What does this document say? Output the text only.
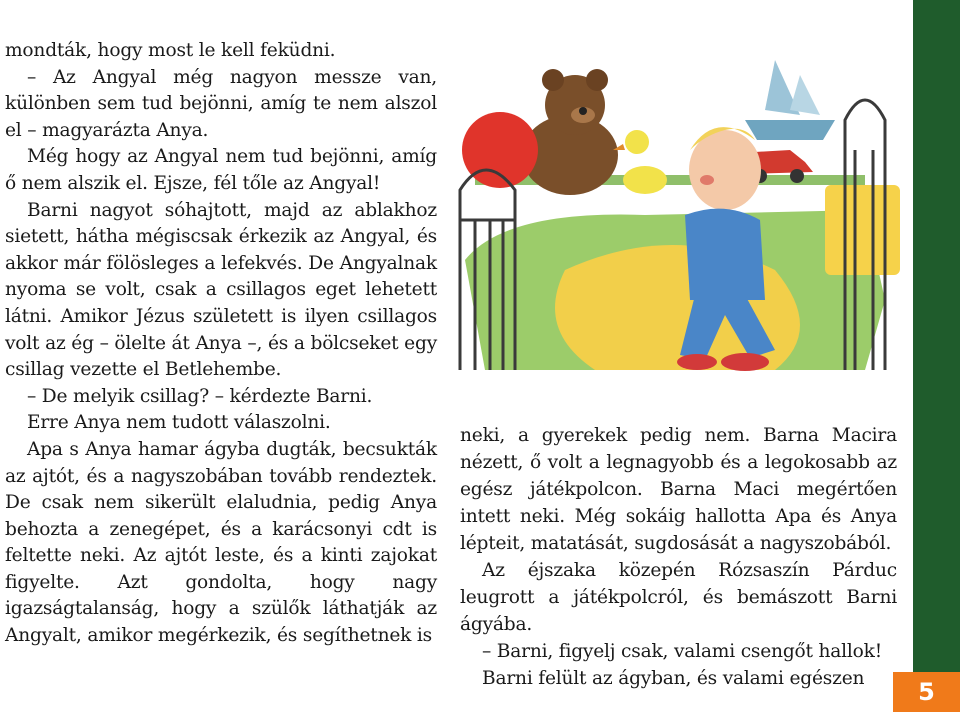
5

mondták, hogy most le kell feküdni.

– Az Angyal még nagyon messze van, különben sem tud bejönni, amíg te nem alszol el – magyarázta Anya.

Még hogy az Angyal nem tud bejönni, amíg ő nem alszik el. Ejsze, fél tőle az Angyal!

Barni nagyot sóhajtott, majd az ablakhoz sietett, hátha mégiscsak érkezik az Angyal, és akkor már fölösleges a lefekvés. De Angyalnak nyoma se volt, csak a csillagos eget lehetett látni. Amikor Jézus született is ilyen csillagos volt az ég – ölelte át Anya –, és a bölcseket egy csillag vezette el Betlehembe.

– De melyik csillag? – kérdezte Barni.

Erre Anya nem tudott válaszolni.

Apa s Anya hamar ágyba dugták, becsukták az ajtót, és a nagyszobában tovább rendeztek. De csak nem sikerült elaludnia, pedig Anya behozta a zenegépet, és a karácsonyi cdt is feltette neki. Az ajtót leste, és a kinti zajokat figyelte. Azt gondolta, hogy nagy igazságtalanság, hogy a szülők láthatják az Angyalt, amikor megérkezik, és segíthetnek is

neki, a gyerekek pedig nem. Barna Macira nézett, ő volt a legnagyobb és a legokosabb az egész játékpolcon. Barna Maci megértően intett neki. Még sokáig hallotta Apa és Anya lépteit, matatását, sugdosását a nagyszobából.

Az éjszaka közepén Rózsaszín Párduc leugrott a játékpolcról, és bemászott Barni ágyába.

– Barni, figyelj csak, valami csengőt hallok!

Barni felült az ágyban, és valami egészen
